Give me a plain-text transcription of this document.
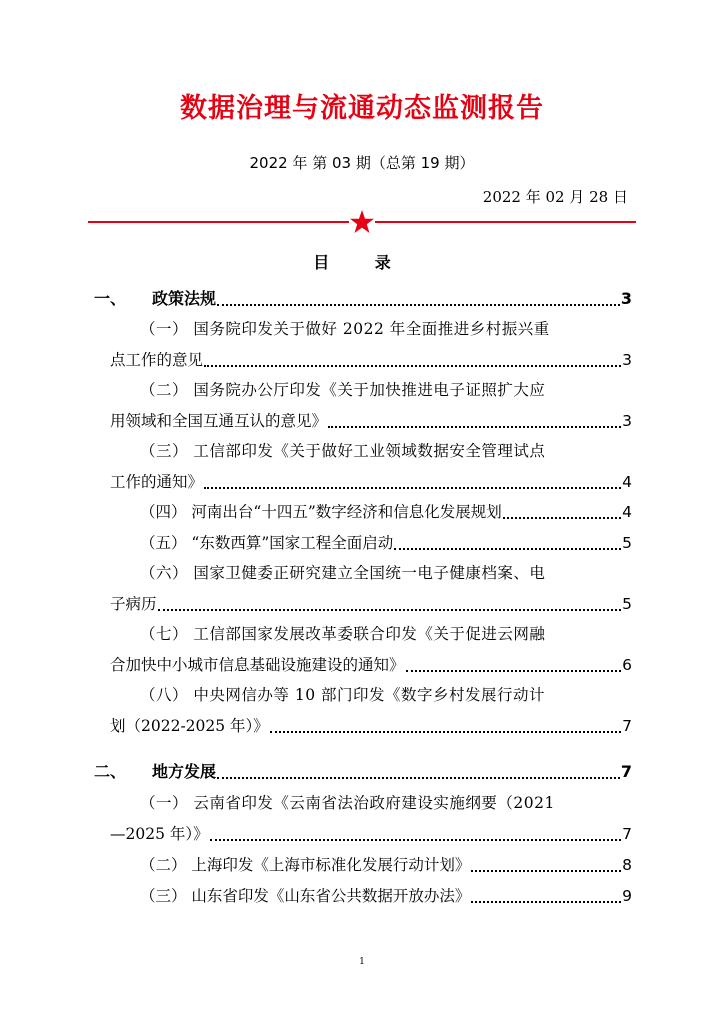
数据治理与流通动态监测报告
2022 年 第 03 期（总第 19 期）
2022 年 02 月 28 日
目 录
一、 政策法规	3
（一） 国务院印发关于做好 2022 年全面推进乡村振兴重
点工作的意见	3
（二） 国务院办公厅印发《关于加快推进电子证照扩大应
用领域和全国互通互认的意见》	3
（三） 工信部印发《关于做好工业领域数据安全管理试点
工作的通知》	4
（四） 河南出台“十四五”数字经济和信息化发展规划	4
（五） “东数西算”国家工程全面启动	5
（六） 国家卫健委正研究建立全国统一电子健康档案、电
子病历	5
（七） 工信部国家发展改革委联合印发《关于促进云网融
合加快中小城市信息基础设施建设的通知》	6
（八） 中央网信办等 10 部门印发《数字乡村发展行动计
划（2022-2025 年）》	7
二、 地方发展	7
（一） 云南省印发《云南省法治政府建设实施纲要（2021
—2025 年）》	7
（二） 上海印发《上海市标准化发展行动计划》	8
（三） 山东省印发《山东省公共数据开放办法》	9
1
